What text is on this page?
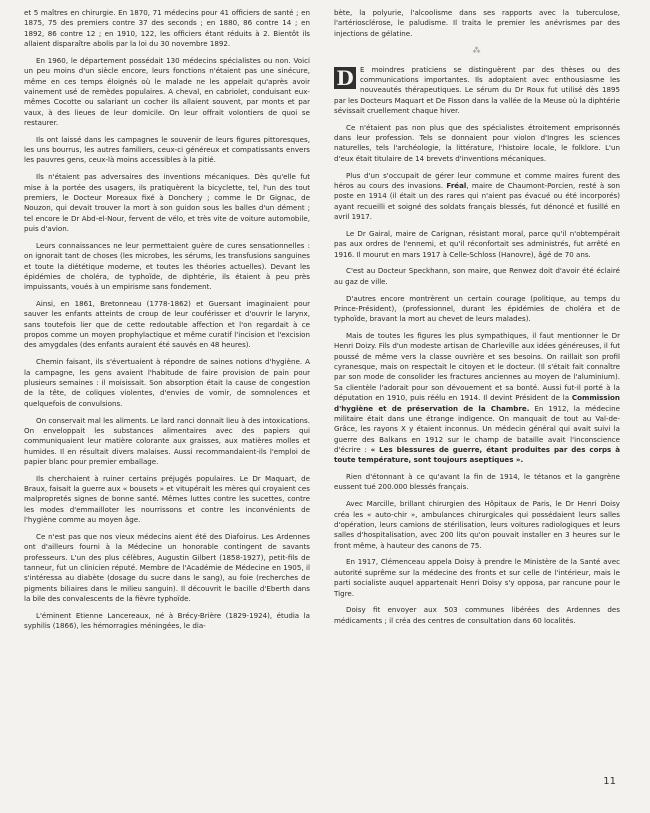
et 5 maîtres en chirurgie. En 1870, 71 médecins pour 41 officiers de santé ; en 1875, 75 des premiers contre 37 des seconds ; en 1880, 86 contre 14 ; en 1892, 86 contre 12 ; en 1910, 122, les officiers étant réduits à 2. Bientôt ils allaient disparaître abolis par la loi du 30 novembre 1892.

En 1960, le département possédait 130 médecins spécialistes ou non. Voici un peu moins d'un siècle encore, leurs fonctions n'étaient pas une sinécure, même en ces temps éloignés où le malade ne les appelait qu'après avoir vainement usé de remèdes populaires. A cheval, en cabriolet, conduisant eux-mêmes Cocotte ou salariant un cocher ils allaient souvent, par monts et par vaux, à des lieues de leur domicile. On leur offrait volontiers de quoi se restaurer.

Ils ont laissé dans les campagnes le souvenir de leurs figures pittoresques, les uns bourrus, les autres familiers, ceux-ci généreux et compatissants envers les pauvres gens, ceux-là moins accessibles à la pitié.

Ils n'étaient pas adversaires des inventions mécaniques. Dès qu'elle fut mise à la portée des usagers, ils pratiquèrent la bicyclette, tel, l'un des tout premiers, le Docteur Moreaux fixé à Donchery ; comme le Dr Gignac, de Nouzon, qui devait trouver la mort à son guidon sous les balles d'un dément ; tel encore le Dr Abd-el-Nour, fervent de vélo, et très vite de voiture automobile, puis d'avion.

Leurs connaissances ne leur permettaient guère de cures sensationnelles : on ignorait tant de choses (les microbes, les sérums, les transfusions sanguines et toute la diététique moderne, et toutes les théories actuelles). Devant les épidémies de choléra, de typhoïde, de diphtérie, ils étaient à peu près impuissants, voués à un empirisme sans fondement.

Ainsi, en 1861, Bretonneau (1778-1862) et Guersant imaginaient pour sauver les enfants atteints de croup de leur couférisser et d'ouvrir le larynx, sans toutefois lier que de cette redoutable affection et l'on regardait à ce propos comme un moyen prophylactique et même curatif l'incision et l'excision des amygdales (des enfants auraient été sauvés en 48 heures).

Chemin faisant, ils s'évertuaient à répondre de saines notions d'hygiène. A la campagne, les gens avaient l'habitude de faire provision de pain pour plusieurs semaines : il moisissait. Son absorption était la cause de congestion de la tête, de coliques violentes, d'envies de vomir, de somnolences et quelquefois de convulsions.

On conservait mal les aliments. Le lard ranci donnait lieu à des intoxications. On enveloppait les substances alimentaires avec des papiers qui communiquaient leur matière colorante aux graisses, aux matières molles et humides. Il en résultait divers malaises. Aussi recommandaient-ils l'emploi de papier blanc pour premier emballage.

Ils cherchaient à ruiner certains préjugés populaires. Le Dr Maquart, de Braux, faisait la guerre aux « bousets » et vitupérait les mères qui croyaient ces malpropretés signes de bonne santé. Mêmes luttes contre les sucettes, contre les modes d'emmailloter les nourrissons et contre les inconvénients de l'hygiène comme au moyen âge.

Ce n'est pas que nos vieux médecins aient été des Diafoirus. Les Ardennes ont d'ailleurs fourni à la Médecine un honorable contingent de savants professeurs. L'un des plus célèbres, Augustin Gilbert (1858-1927), petit-fils de tanneur, fut un clinicien réputé. Membre de l'Académie de Médecine en 1905, il s'intéressa au diabète (dosage du sucre dans le sang), au foie (recherches de pigments biliaires dans le milieu sanguin). Il découvrit le bacille d'Eberth dans la bile des convalescents de la fièvre typhoïde.

L'éminent Etienne Lancereaux, né à Brécy-Brière (1829-1924), étudia la syphilis (1866), les hémorragies méningées, le dia-

bète, la polyurie, l'alcoolisme dans ses rapports avec la tuberculose, l'artériosclérose, le paludisme. Il traita le premier les anévrismes par des injections de gélatine.

⁂

D E moindres praticiens se distinguèrent par des thèses ou des communications importantes. Ils adoptaient avec enthousiasme les nouveautés thérapeutiques. Le sérum du Dr Roux fut utilisé dès 1895 par les Docteurs Maquart et De Fisson dans la vallée de la Meuse où la diphtérie sévissait cruellement chaque hiver.

Ce n'étaient pas non plus que des spécialistes étroitement emprisonnés dans leur profession. Tels se donnaient pour violon d'Ingres les sciences naturelles, tels l'archéologie, la littérature, l'histoire locale, le folklore. L'un d'eux était titulaire de 14 brevets d'inventions mécaniques.

Plus d'un s'occupait de gérer leur commune et comme maires furent des héros au cours des invasions. Fréal, maire de Chaumont-Porcien, resté à son poste en 1914 (il était un des rares qui n'aient pas évacué ou été incorporés) ayant recueilli et soigné des soldats français blessés, fut dénoncé et fusillé en avril 1917.

Le Dr Gairal, maire de Carignan, résistant moral, parce qu'il n'obtempérait pas aux ordres de l'ennemi, et qu'il réconfortait ses administrés, fut arrêté en 1916. Il mourut en mars 1917 à Celle-Schloss (Hanovre), âgé de 70 ans.

C'est au Docteur Speckhann, son maire, que Renwez doit d'avoir été éclairé au gaz de ville.

D'autres encore montrèrent un certain courage (politique, au temps du Prince-Président), (professionnel, durant les épidémies de choléra et de typhoïde, bravant la mort au chevet de leurs malades).

Mais de toutes les figures les plus sympathiques, il faut mentionner le Dr Henri Doizy. Fils d'un modeste artisan de Charleville aux idées généreuses, il fut poussé de même vers la classe ouvrière et ses besoins. On raillait son profil cyranesque, mais on respectait le citoyen et le docteur. (Il s'était fait connaître par son mode de consolider les fractures anciennes au moyen de l'aluminium). Sa clientèle l'adorait pour son dévouement et sa bonté. Aussi fut-il porté à la députation en 1910, puis réélu en 1914. Il devint Président de la Commission d'hygiène et de préservation de la Chambre. En 1912, la médecine militaire était dans une étrange indigence. On manquait de tout au Val-de-Grâce, les rayons X y étaient inconnus. Un médecin général qui avait suivi la guerre des Balkans en 1912 sur le champ de bataille avait l'inconscience d'écrire : « Les blessures de guerre, étant produites par des corps à toute température, sont toujours aseptiques ».

Rien d'étonnant à ce qu'avant la fin de 1914, le tétanos et la gangrène eussent tué 200.000 blessés français.

Avec Marcille, brillant chirurgien des Hôpitaux de Paris, le Dr Henri Doisy créa les « auto-chir », ambulances chirurgicales qui possédaient leurs salles d'opération, leurs camions de stérilisation, leurs voitures radiologiques et leurs salles d'hospitalisation, avec 200 lits qu'on pouvait installer en 3 heures sur le front même, à hauteur des canons de 75.

En 1917, Clémenceau appela Doisy à prendre le Ministère de la Santé avec autorité suprême sur la médecine des fronts et sur celle de l'intérieur, mais le parti socialiste auquel appartenait Henri Doisy s'y opposa, par rancune pour le Tigre.

Doisy fit envoyer aux 503 communes libérées des Ardennes des médicaments ; il créa des centres de consultation dans 60 localités.

11
